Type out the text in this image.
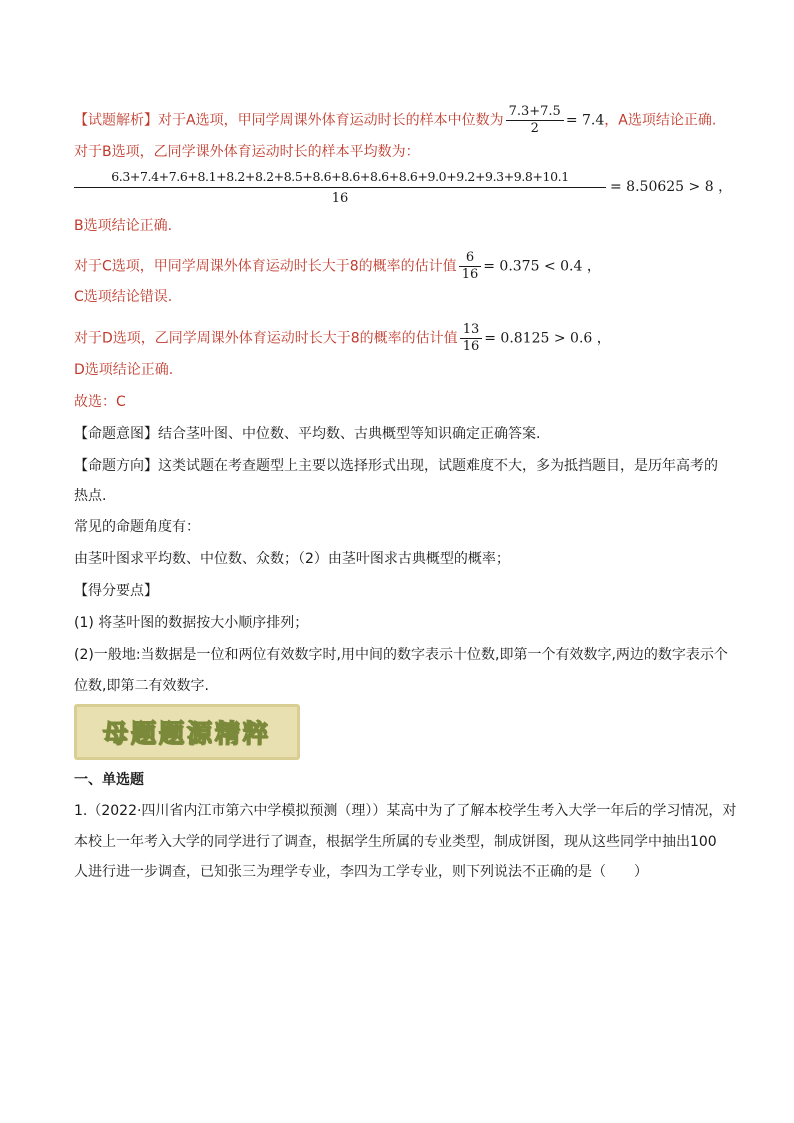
【试题解析】对于A选项，甲同学周课外体育运动时长的样本中位数为 $\frac{7.3+7.5}{2} = 7.4$，A选项结论正确.
对于B选项，乙同学课外体育运动时长的样本平均数为：
6.3+7.4+7.6+8.1+8.2+8.2+8.5+8.6+8.6+8.6+8.6+9.0+9.2+9.3+9.8+10.1
16
= 8.50625 > 8 ，
B选项结论正确.
对于C选项，甲同学周课外体育运动时长大于8的概率的估计值 $\frac{6}{16} = 0.375 < 0.4$ ，
C选项结论错误.
对于D选项，乙同学周课外体育运动时长大于8的概率的估计值 $\frac{13}{16} = 0.8125 > 0.6$ ，
D选项结论正确.
故选：C
【命题意图】结合茎叶图、中位数、平均数、古典概型等知识确定正确答案.
【命题方向】这类试题在考查题型上主要以选择形式出现，试题难度不大，多为抵挡题目，是历年高考的
热点.
常见的命题角度有：
由茎叶图求平均数、中位数、众数；（2）由茎叶图求古典概型的概率；
【得分要点】
(1) 将茎叶图的数据按大小顺序排列；
(2)一般地:当数据是一位和两位有效数字时,用中间的数字表示十位数,即第一个有效数字,两边的数字表示个
位数,即第二有效数字.
母题题源精粹
一、单选题
1.（2022·四川省内江市第六中学模拟预测（理））某高中为了了解本校学生考入大学一年后的学习情况，对
本校上一年考入大学的同学进行了调查，根据学生所属的专业类型，制成饼图，现从这些同学中抽出100
人进行进一步调查，已知张三为理学专业，李四为工学专业，则下列说法不正确的是（　　）
